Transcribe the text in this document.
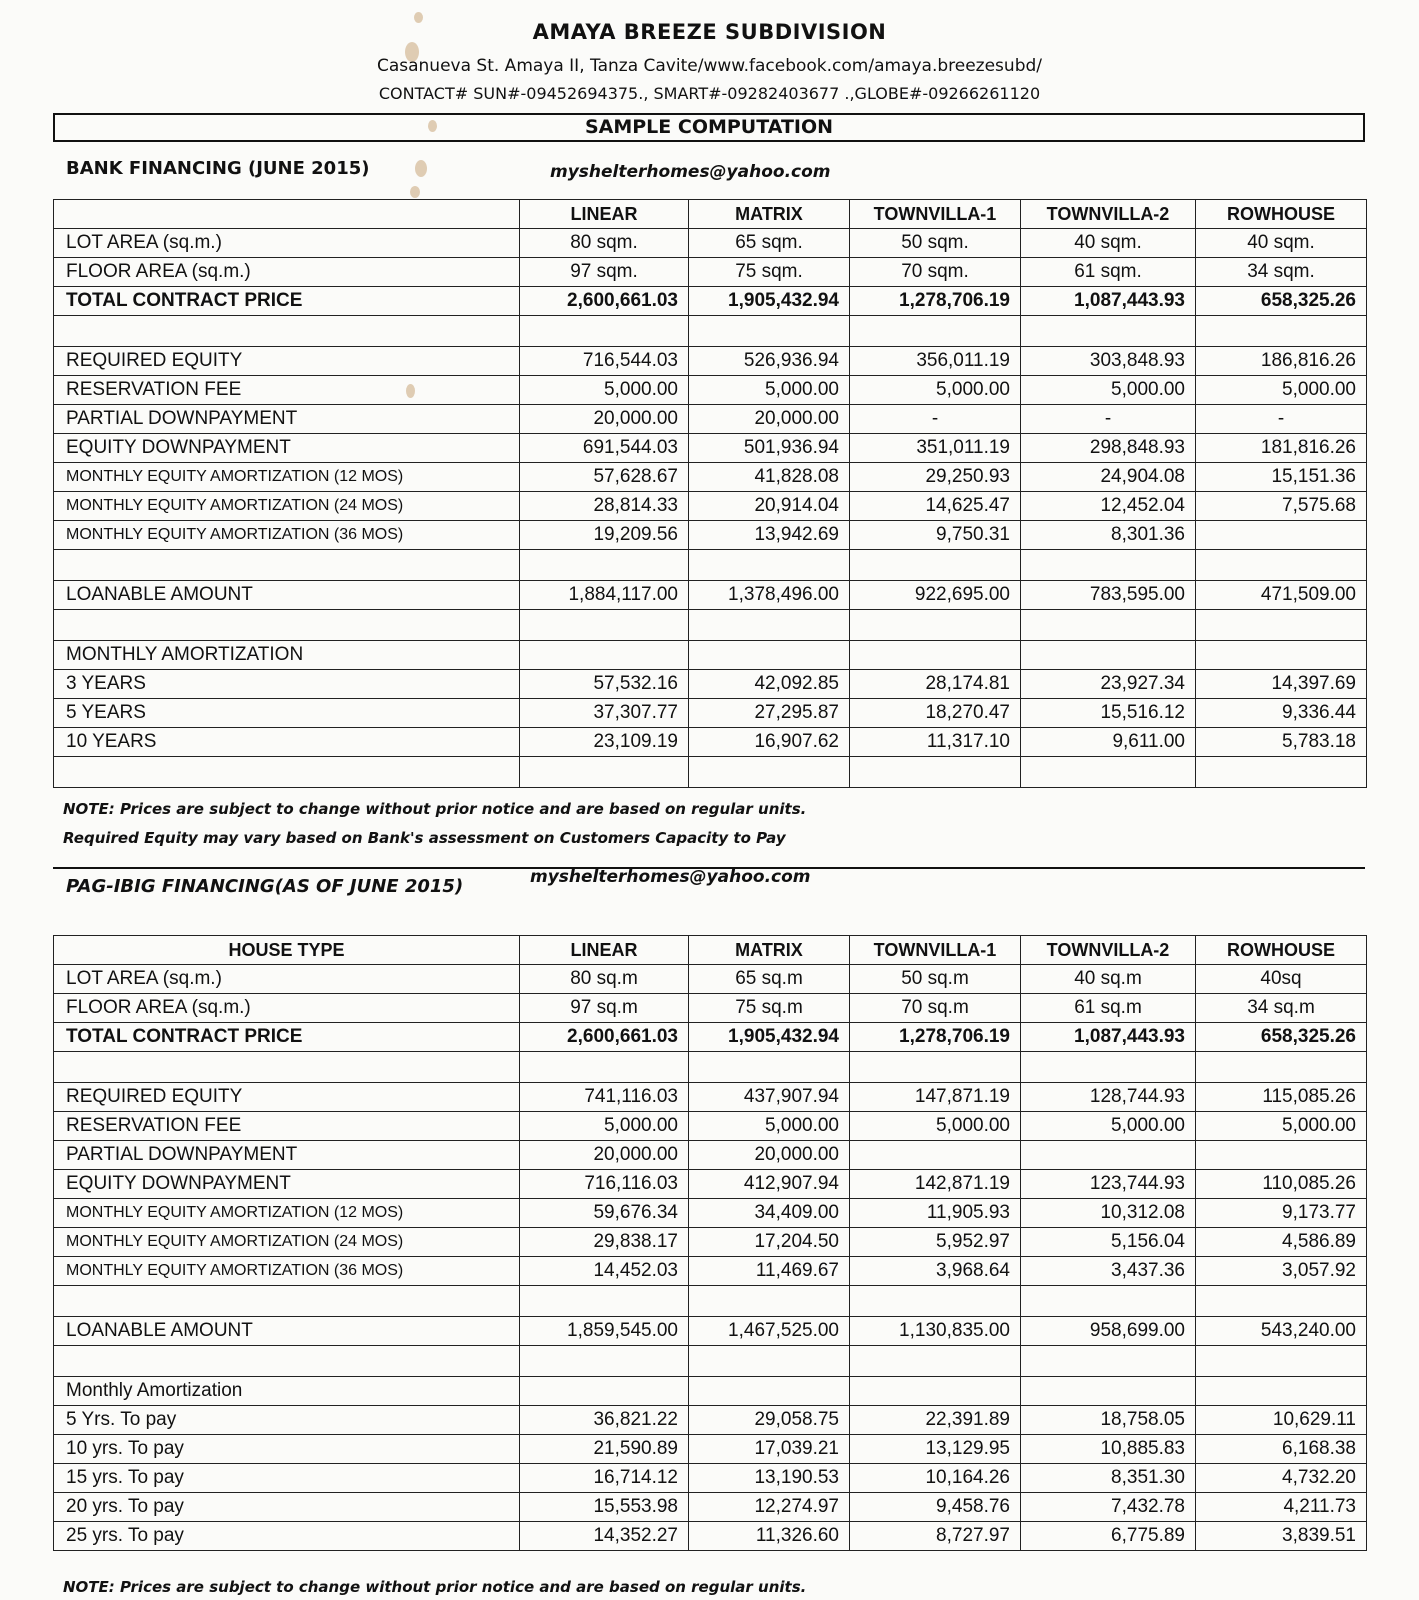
AMAYA BREEZE SUBDIVISION
Casanueva St. Amaya II, Tanza Cavite/www.facebook.com/amaya.breezesubd/
CONTACT# SUN#-09452694375., SMART#-09282403677 .,GLOBE#-09266261120
SAMPLE COMPUTATION
BANK FINANCING (JUNE 2015)	myshelterhomes@yahoo.com
	LINEAR	MATRIX	TOWNVILLA-1	TOWNVILLA-2	ROWHOUSE
LOT AREA (sq.m.)	80 sqm.	65 sqm.	50 sqm.	40 sqm.	40 sqm.
FLOOR AREA (sq.m.)	97 sqm.	75 sqm.	70 sqm.	61 sqm.	34 sqm.
TOTAL CONTRACT PRICE	2,600,661.03	1,905,432.94	1,278,706.19	1,087,443.93	658,325.26

REQUIRED EQUITY	716,544.03	526,936.94	356,011.19	303,848.93	186,816.26
RESERVATION FEE	5,000.00	5,000.00	5,000.00	5,000.00	5,000.00
PARTIAL DOWNPAYMENT	20,000.00	20,000.00	-	-	-
EQUITY DOWNPAYMENT	691,544.03	501,936.94	351,011.19	298,848.93	181,816.26
MONTHLY EQUITY AMORTIZATION (12 MOS)	57,628.67	41,828.08	29,250.93	24,904.08	15,151.36
MONTHLY EQUITY AMORTIZATION (24 MOS)	28,814.33	20,914.04	14,625.47	12,452.04	7,575.68
MONTHLY EQUITY AMORTIZATION (36 MOS)	19,209.56	13,942.69	9,750.31	8,301.36	

LOANABLE AMOUNT	1,884,117.00	1,378,496.00	922,695.00	783,595.00	471,509.00

MONTHLY AMORTIZATION					
3 YEARS	57,532.16	42,092.85	28,174.81	23,927.34	14,397.69
5 YEARS	37,307.77	27,295.87	18,270.47	15,516.12	9,336.44
10 YEARS	23,109.19	16,907.62	11,317.10	9,611.00	5,783.18

NOTE: Prices are subject to change without prior notice and are based on regular units.
Required Equity may vary based on Bank's assessment on Customers Capacity to Pay
PAG-IBIG FINANCING(AS OF JUNE 2015)	myshelterhomes@yahoo.com
HOUSE TYPE	LINEAR	MATRIX	TOWNVILLA-1	TOWNVILLA-2	ROWHOUSE
LOT AREA (sq.m.)	80 sq.m	65 sq.m	50 sq.m	40 sq.m	40sq
FLOOR AREA (sq.m.)	97 sq.m	75 sq.m	70 sq.m	61 sq.m	34 sq.m
TOTAL CONTRACT PRICE	2,600,661.03	1,905,432.94	1,278,706.19	1,087,443.93	658,325.26

REQUIRED EQUITY	741,116.03	437,907.94	147,871.19	128,744.93	115,085.26
RESERVATION FEE	5,000.00	5,000.00	5,000.00	5,000.00	5,000.00
PARTIAL DOWNPAYMENT	20,000.00	20,000.00			
EQUITY DOWNPAYMENT	716,116.03	412,907.94	142,871.19	123,744.93	110,085.26
MONTHLY EQUITY AMORTIZATION (12 MOS)	59,676.34	34,409.00	11,905.93	10,312.08	9,173.77
MONTHLY EQUITY AMORTIZATION (24 MOS)	29,838.17	17,204.50	5,952.97	5,156.04	4,586.89
MONTHLY EQUITY AMORTIZATION (36 MOS)	14,452.03	11,469.67	3,968.64	3,437.36	3,057.92

LOANABLE AMOUNT	1,859,545.00	1,467,525.00	1,130,835.00	958,699.00	543,240.00

Monthly Amortization					
5 Yrs. To pay	36,821.22	29,058.75	22,391.89	18,758.05	10,629.11
10 yrs. To pay	21,590.89	17,039.21	13,129.95	10,885.83	6,168.38
15 yrs. To pay	16,714.12	13,190.53	10,164.26	8,351.30	4,732.20
20 yrs. To pay	15,553.98	12,274.97	9,458.76	7,432.78	4,211.73
25 yrs. To pay	14,352.27	11,326.60	8,727.97	6,775.89	3,839.51
NOTE: Prices are subject to change without prior notice and are based on regular units.
